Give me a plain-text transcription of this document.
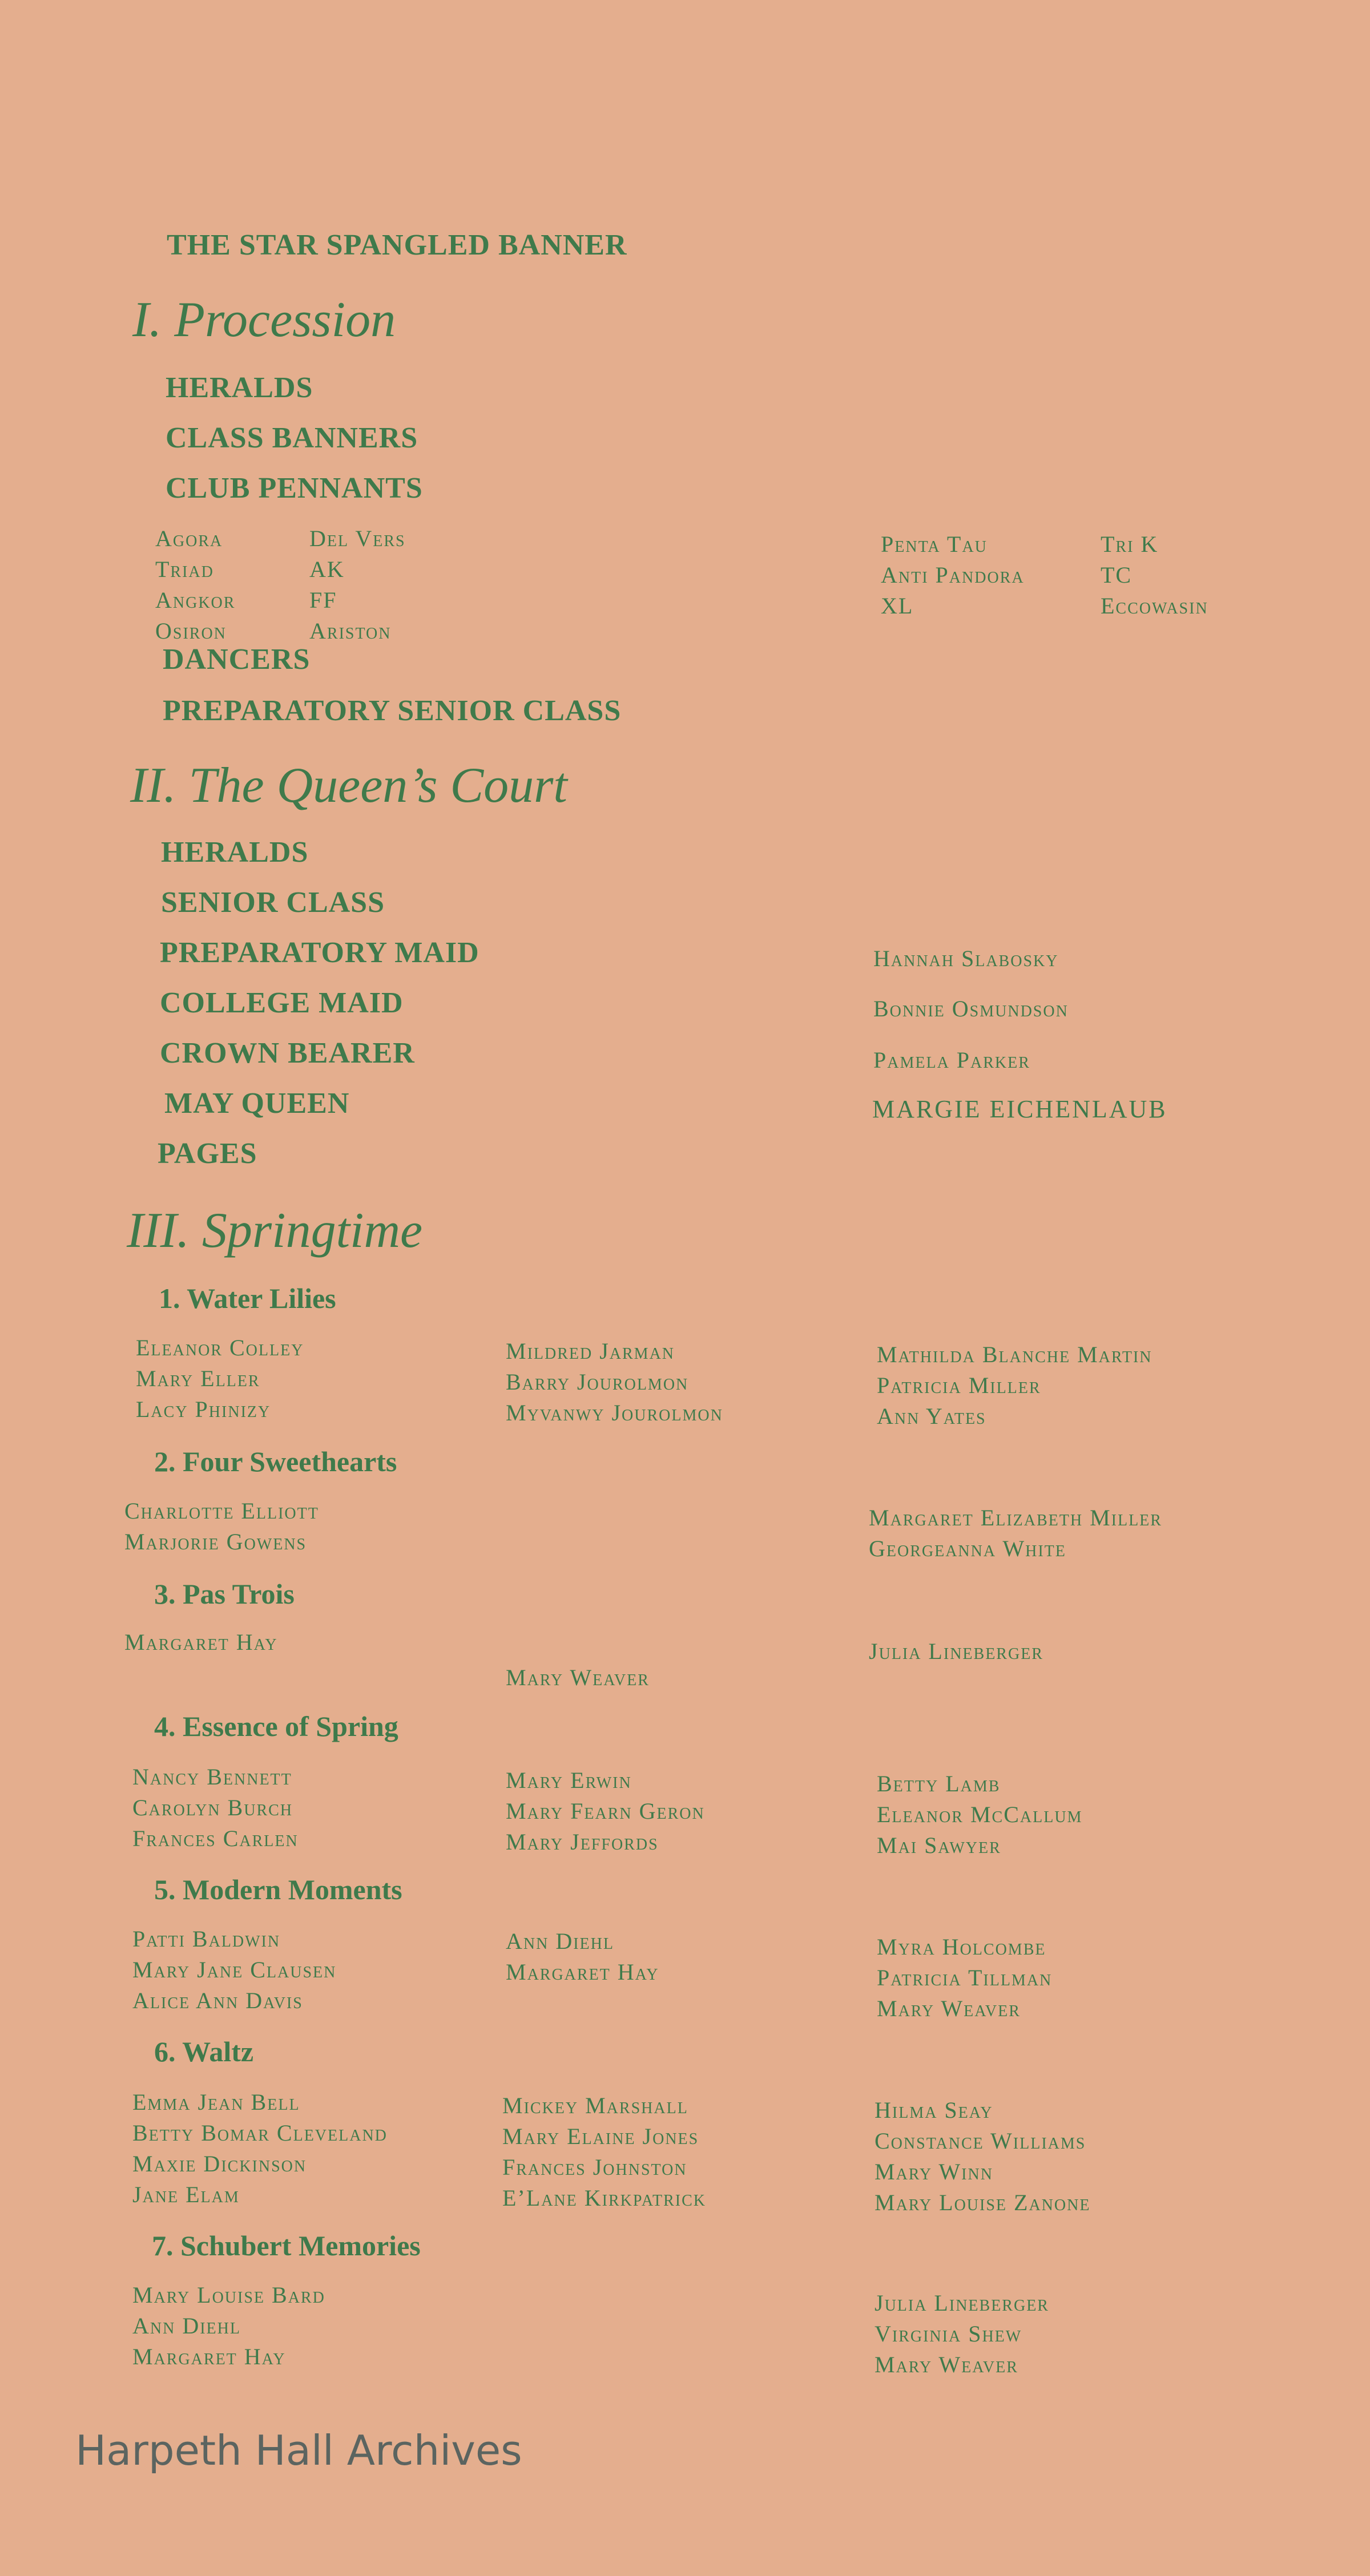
THE STAR SPANGLED BANNER
I. Procession
HERALDS
CLASS BANNERS
CLUB PENNANTS
Agora
Triad
Angkor
Osiron
Del Vers
AK
FF
Ariston
Penta Tau
Anti Pandora
XL
Tri K
TC
Eccowasin
DANCERS
PREPARATORY SENIOR CLASS
II. The Queen’s Court
HERALDS
SENIOR CLASS
PREPARATORY MAID
COLLEGE MAID
CROWN BEARER
MAY QUEEN
PAGES
Hannah Slabosky
Bonnie Osmundson
Pamela Parker
MARGIE EICHENLAUB
III. Springtime
1. Water Lilies
Eleanor Colley
Mary Eller
Lacy Phinizy
Mildred Jarman
Barry Jourolmon
Myvanwy Jourolmon
Mathilda Blanche Martin
Patricia Miller
Ann Yates
2. Four Sweethearts
Charlotte Elliott
Marjorie Gowens
Margaret Elizabeth Miller
Georgeanna White
3. Pas Trois
Margaret Hay
Mary Weaver
Julia Lineberger
4. Essence of Spring
Nancy Bennett
Carolyn Burch
Frances Carlen
Mary Erwin
Mary Fearn Geron
Mary Jeffords
Betty Lamb
Eleanor McCallum
Mai Sawyer
5. Modern Moments
Patti Baldwin
Mary Jane Clausen
Alice Ann Davis
Ann Diehl
Margaret Hay
Myra Holcombe
Patricia Tillman
Mary Weaver
6. Waltz
Emma Jean Bell
Betty Bomar Cleveland
Maxie Dickinson
Jane Elam
Mickey Marshall
Mary Elaine Jones
Frances Johnston
E’Lane Kirkpatrick
Hilma Seay
Constance Williams
Mary Winn
Mary Louise Zanone
7. Schubert Memories
Mary Louise Bard
Ann Diehl
Margaret Hay
Julia Lineberger
Virginia Shew
Mary Weaver
Harpeth Hall Archives
